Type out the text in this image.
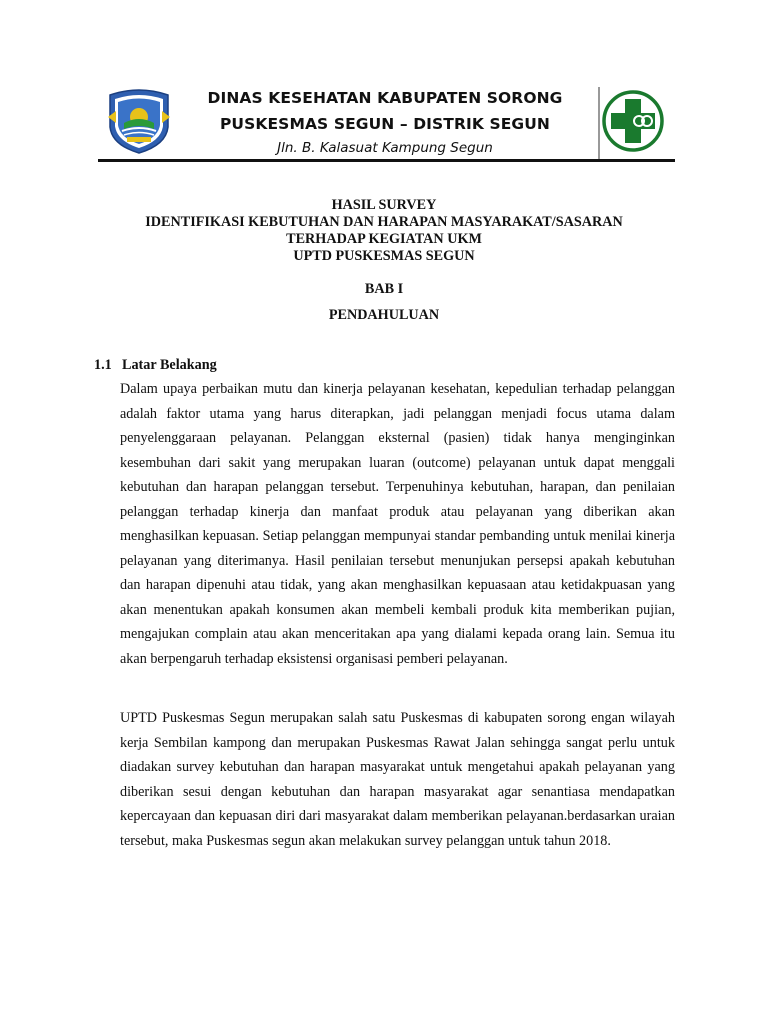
DINAS KESEHATAN KABUPATEN SORONG
PUSKESMAS SEGUN – DISTRIK SEGUN
Jln. B. Kalasuat Kampung Segun
HASIL SURVEY
IDENTIFIKASI KEBUTUHAN DAN HARAPAN MASYARAKAT/SASARAN
TERHADAP KEGIATAN UKM
UPTD PUSKESMAS SEGUN
BAB I
PENDAHULUAN
1.1 Latar Belakang
Dalam upaya perbaikan mutu dan kinerja pelayanan kesehatan, kepedulian terhadap pelanggan adalah faktor utama yang harus diterapkan, jadi pelanggan menjadi focus utama dalam penyelenggaraan pelayanan. Pelanggan eksternal (pasien) tidak hanya menginginkan kesembuhan dari sakit yang merupakan luaran (outcome) pelayanan untuk dapat menggali kebutuhan dan harapan pelanggan tersebut. Terpenuhinya kebutuhan, harapan, dan penilaian pelanggan terhadap kinerja dan manfaat produk atau pelayanan yang diberikan akan menghasilkan kepuasan. Setiap pelanggan mempunyai standar pembanding untuk menilai kinerja pelayanan yang diterimanya. Hasil penilaian tersebut menunjukan persepsi apakah kebutuhan dan harapan dipenuhi atau tidak, yang akan menghasilkan kepuasaan atau ketidakpuasan yang akan menentukan apakah konsumen akan membeli kembali produk kita memberikan pujian, mengajukan complain atau akan menceritakan apa yang dialami kepada orang lain. Semua itu akan berpengaruh terhadap eksistensi organisasi pemberi pelayanan.
UPTD Puskesmas Segun merupakan salah satu Puskesmas di kabupaten sorong engan wilayah kerja Sembilan kampong dan merupakan Puskesmas Rawat Jalan sehingga sangat perlu untuk diadakan survey kebutuhan dan harapan masyarakat untuk mengetahui apakah pelayanan yang diberikan sesui dengan kebutuhan dan harapan masyarakat agar senantiasa mendapatkan kepercayaan dan kepuasan diri dari masyarakat dalam memberikan pelayanan.berdasarkan uraian tersebut, maka Puskesmas segun akan melakukan survey pelanggan untuk tahun 2018.
